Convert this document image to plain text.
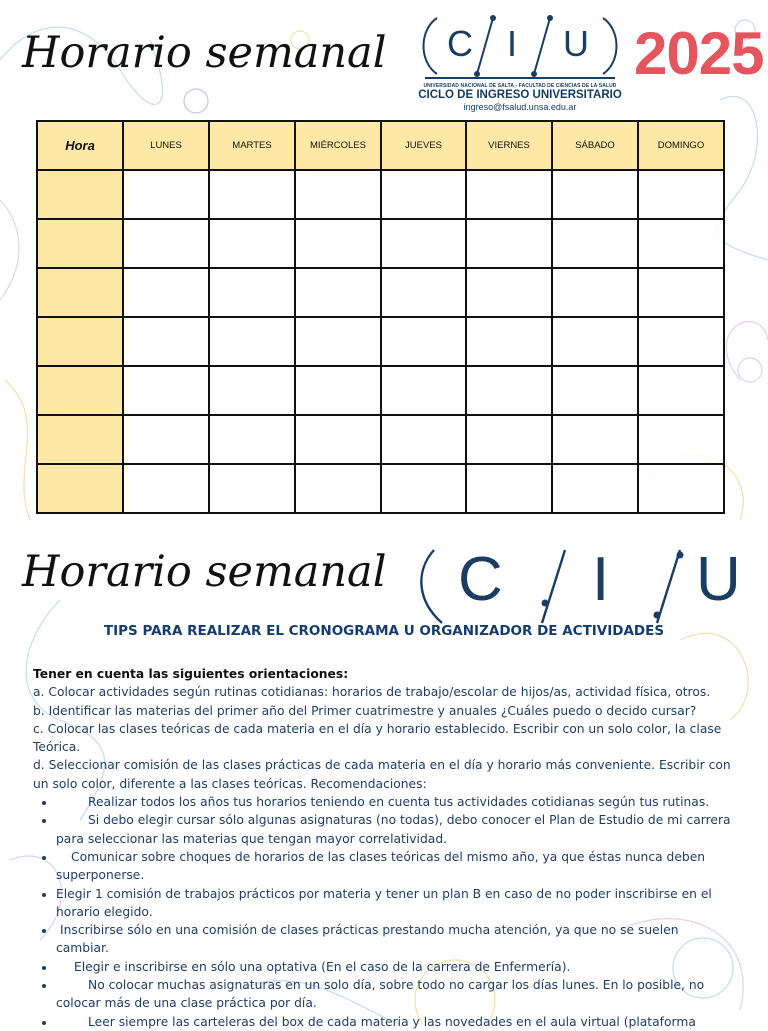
Horario semanal C I U
UNIVERSIDAD NACIONAL DE SALTA - FACULTAD DE CIENCIAS DE LA SALUD
CICLO DE INGRESO UNIVERSITARIO
ingreso@fsalud.unsa.edu.ar
2025
Hora	LUNES	MARTES	MIÉRCOLES	JUEVES	VIERNES	SÁBADO	DOMINGO

Horario semanal C I U
TIPS PARA REALIZAR EL CRONOGRAMA U ORGANIZADOR DE ACTIVIDADES

Tener en cuenta las siguientes orientaciones:

a. Colocar actividades según rutinas cotidianas: horarios de trabajo/escolar de hijos/as, actividad física, otros.

b. Identificar las materias del primer año del Primer cuatrimestre y anuales ¿Cuáles puedo o decido cursar?

c. Colocar las clases teóricas de cada materia en el día y horario establecido. Escribir con un solo color, la clase Teórica.

d. Seleccionar comisión de las clases prácticas de cada materia en el día y horario más conveniente. Escribir con un solo color, diferente a las clases teóricas. Recomendaciones:

• Realizar todos los años tus horarios teniendo en cuenta tus actividades cotidianas según tus rutinas.
• Si debo elegir cursar sólo algunas asignaturas (no todas), debo conocer el Plan de Estudio de mi carrera para seleccionar las materias que tengan mayor correlatividad.
• Comunicar sobre choques de horarios de las clases teóricas del mismo año, ya que éstas nunca deben superponerse.
• Elegir 1 comisión de trabajos prácticos por materia y tener un plan B en caso de no poder inscribirse en el horario elegido.
• Inscribirse sólo en una comisión de clases prácticas prestando mucha atención, ya que no se suelen cambiar.
• Elegir e inscribirse en sólo una optativa (En el caso de la carrera de Enfermería).
• No colocar muchas asignaturas en un solo día, sobre todo no cargar los días lunes. En lo posible, no colocar más de una clase práctica por día.
• Leer siempre las carteleras del box de cada materia y las novedades en el aula virtual (plataforma
